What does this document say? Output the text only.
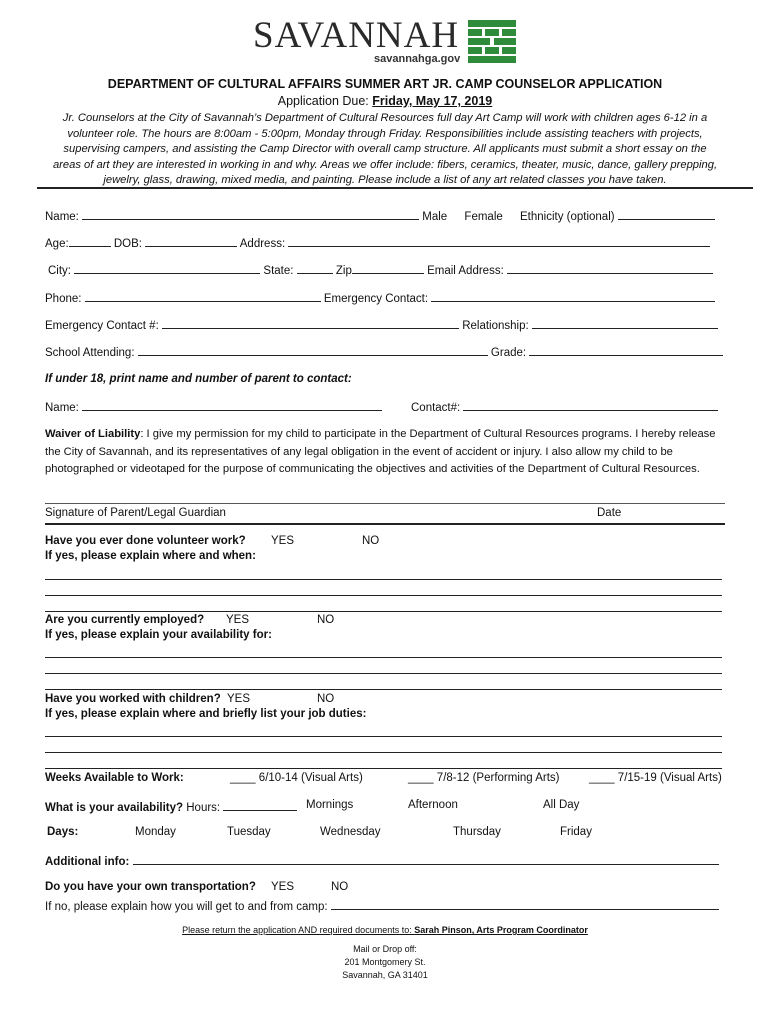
SAVANNAH
savannahga.gov
DEPARTMENT OF CULTURAL AFFAIRS SUMMER ART JR. CAMP COUNSELOR APPLICATION
Application Due: Friday, May 17, 2019
Jr. Counselors at the City of Savannah’s Department of Cultural Resources full day Art Camp will work with children ages 6-12 in a volunteer role. The hours are 8:00am - 5:00pm, Monday through Friday. Responsibilities include assisting teachers with projects, supervising campers, and assisting the Camp Director with overall camp structure. All applicants must submit a short essay on the areas of art they are interested in working in and why. Areas we offer include: fibers, ceramics, theater, music, dance, gallery prepping, jewelry, glass, drawing, mixed media, and painting. Please include a list of any art related classes you have taken.
Name:	Male Female Ethnicity (optional)
Age:	DOB:	Address:
City:	State:	Zip	Email Address:
Phone:	Emergency Contact:
Emergency Contact #:	Relationship:
School Attending:	Grade:
If under 18, print name and number of parent to contact:
Name:	Contact#:
Waiver of Liability: I give my permission for my child to participate in the Department of Cultural Resources programs. I hereby release the City of Savannah, and its representatives of any legal obligation in the event of accident or injury. I also allow my child to be photographed or videotaped for the purpose of communicating the objectives and activities of the Department of Cultural Resources.
Signature of Parent/Legal Guardian	Date
Have you ever done volunteer work? YES	NO
If yes, please explain where and when:
Are you currently employed? YES	NO
If yes, please explain your availability for:
Have you worked with children? YES	NO
If yes, please explain where and briefly list your job duties:
Weeks Available to Work:	____ 6/10-14 (Visual Arts)	____ 7/8-12 (Performing Arts)	____ 7/15-19 (Visual Arts)
What is your availability? Hours:	Mornings	Afternoon	All Day
Days:	Monday	Tuesday	Wednesday	Thursday	Friday
Additional info:
Do you have your own transportation? YES	NO
If no, please explain how you will get to and from camp:
Please return the application AND required documents to: Sarah Pinson, Arts Program Coordinator
Mail or Drop off:
201 Montgomery St.
Savannah, GA 31401
